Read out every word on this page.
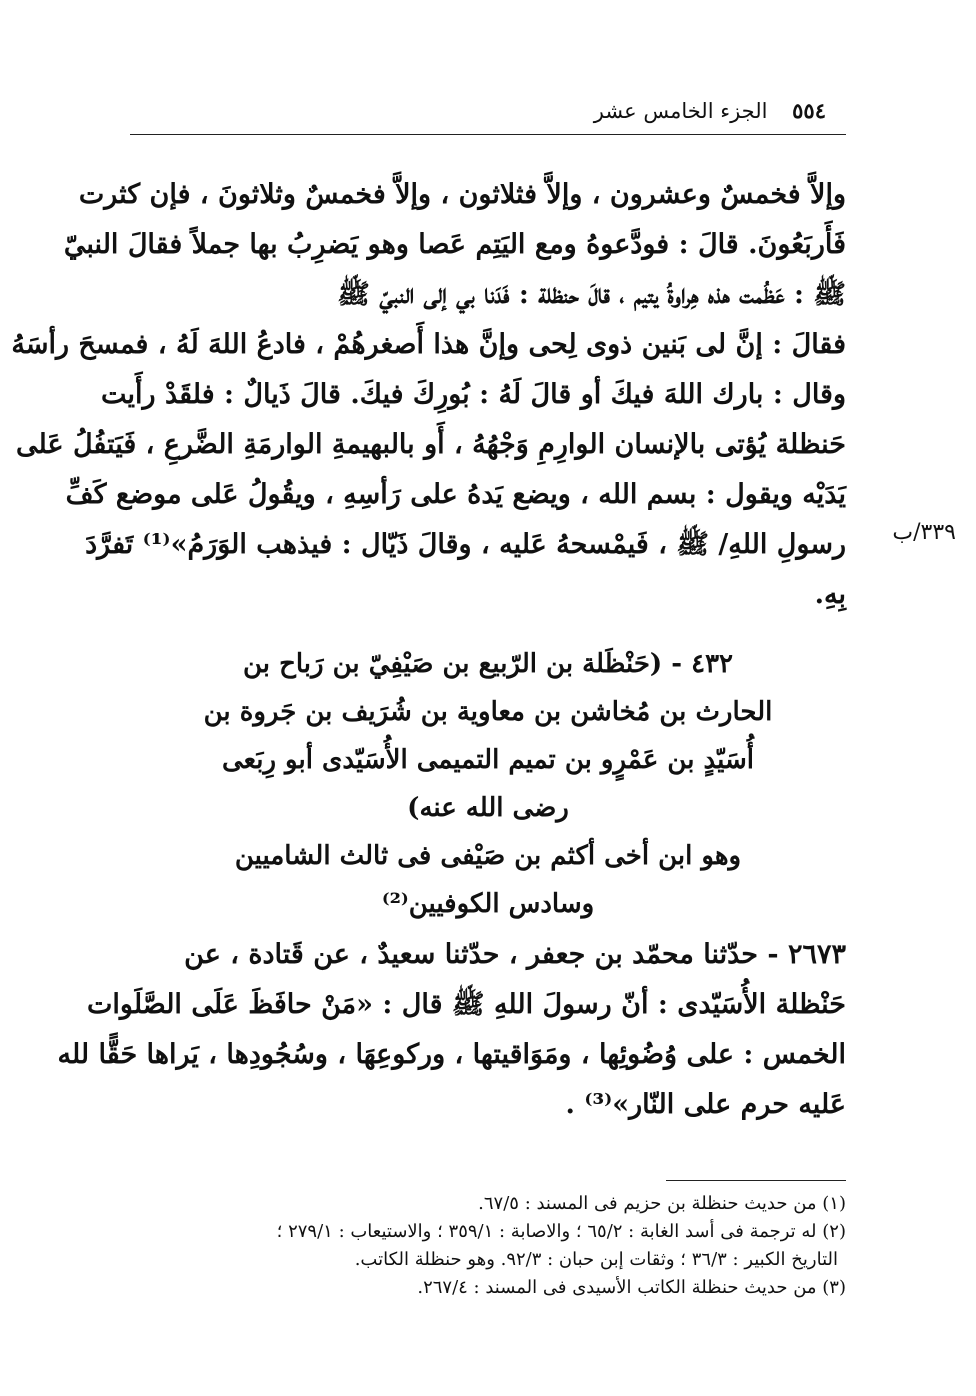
٥٥٤ الجزء الخامس عشر
وإلاَّ فخمسٌ وعشرون ، وإلاَّ فثلاثون ، وإلاَّ فخمسٌ وثلاثونَ ، فإن كثرت
فَأَربَعُونَ. قالَ : فودَّعوهُ ومع اليَتِم عَصا وهو يَضرِبُ بها جملاً فقالَ النبيّ
ﷺ : عَظُمت هذه هِراوةُ يتيم ، قالَ حنظلة : فَدَنا بي إلى النبيّ ﷺ
فقالَ : إنَّ لى بَنين ذوى لِحى وإنَّ هذا أَصغرهُمْ ، فادعُ اللهَ لَهُ ، فمسحَ رأسَهُ
وقال : بارك اللهَ فيكَ أو قالَ لَهُ : بُورِكَ فيكَ. قالَ ذَيالٌ : فلقَدْ رأَيت
حَنظلة يُؤتى بالإنسان الوارِمِ وَجْهُهُ ، أَو بالبهيمةِ الوارمَةِ الضَّرعِ ، فَيَتفُلُ عَلى
يَدَيْه ويقول : بسم الله ، ويضع يَدهُ على رَأسِهِ ، ويقُولُ عَلى موضع كَفِّ
رسولِ اللهِ/ ﷺ ، فَيمْسحهُ عَليه ، وقالَ ذَيّال : فيذهب الوَرَمُ»⁽¹⁾ تَفرَّدَ
بِهِ.
٣٣٩/ب
٤٣٢ - (حَنْظَلة بن الرّبيع بن صَيْفِيّ بن رَباح بن
الحارث بن مُخاشن بن معاوية بن شُرَيف بن جَروة بن
أُسَيّدٍ بن عَمْرٍو بن تميم التميمى الأُسَيّدى أبو رِبَعى
رضى الله عنه)
وهو ابن أخى أكثم بن صَيْفى فى ثالث الشاميين
وسادس الكوفيين⁽²⁾
٢٦٧٣ - حدّثنا محمّد بن جعفر ، حدّثنا سعيدٌ ، عن قَتادة ، عن
حَنْظلة الأُسَيّدى : أنّ رسولَ اللهِ ﷺ قال : «مَنْ حافَظَ عَلَى الصَّلَوات
الخمس : على وُضُوئِها ، ومَوَاقيتها ، وركوعِهَا ، وسُجُودِها ، يَراها حَقًّا لله
عَليه حرم على النّار»⁽³⁾ .
(١) من حديث حنظلة بن حزيم فى المسند : ٦٧/٥.
(٢) له ترجمة فى أسد الغابة : ٦٥/٢ ؛ والاصابة : ٣٥٩/١ ؛ والاستيعاب : ٢٧٩/١ ؛
التاريخ الكبير : ٣٦/٣ ؛ وثقات إبن حبان : ٩٢/٣. وهو حنظلة الكاتب.
(٣) من حديث حنظلة الكاتب الأسيدى فى المسند : ٢٦٧/٤.
